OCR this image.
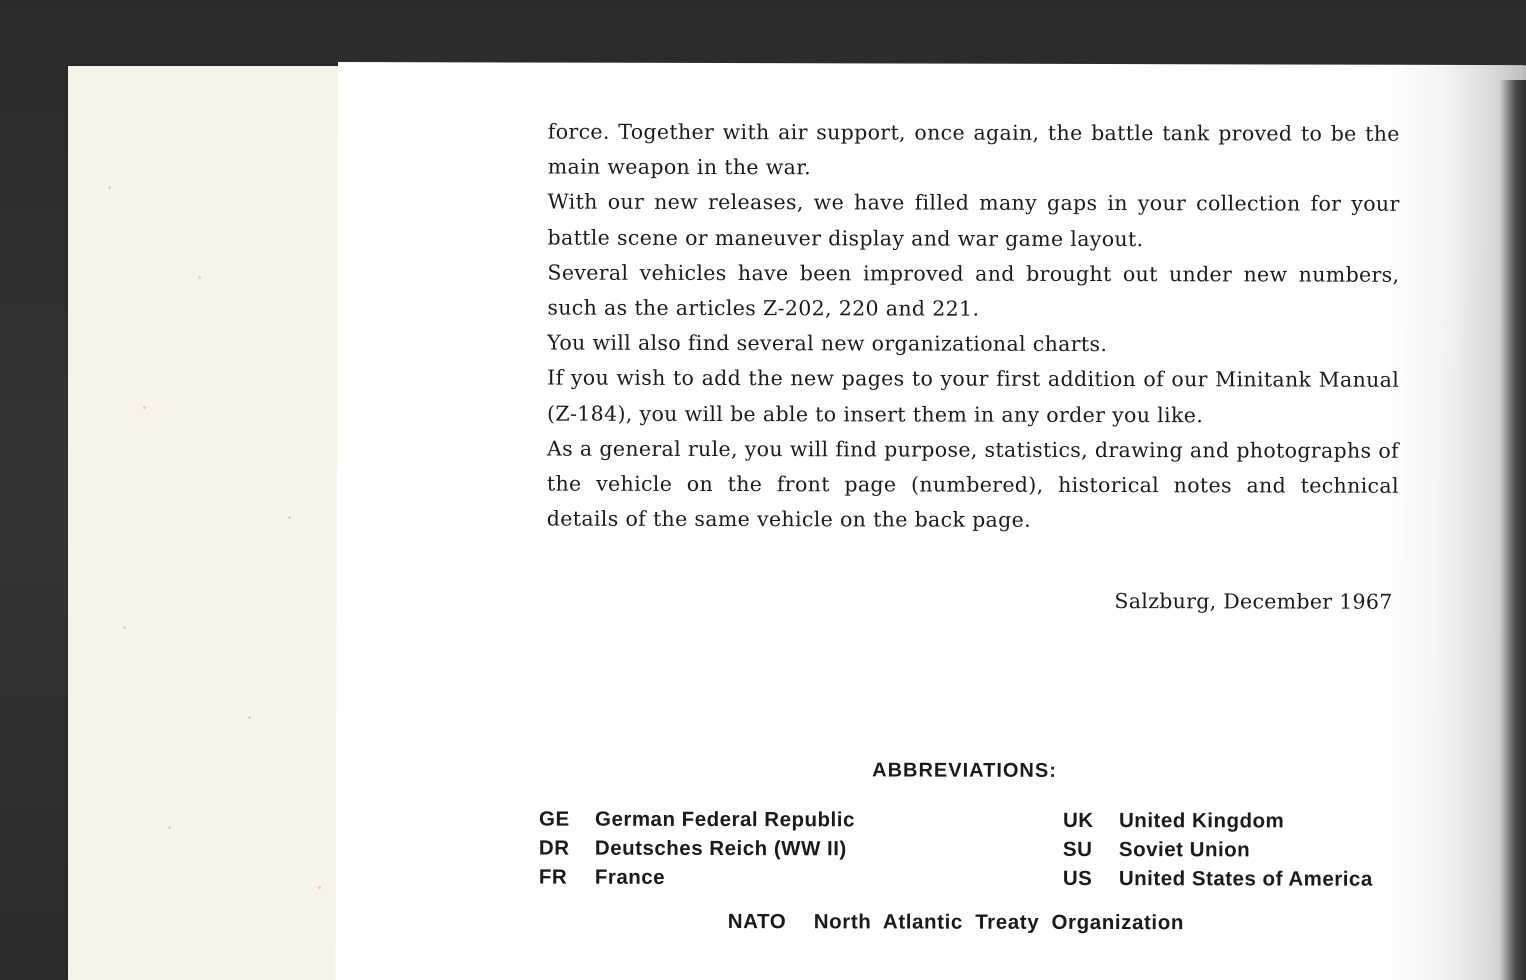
force. Together with air support, once again, the battle tank proved to be the main weapon in the war.

With our new releases, we have filled many gaps in your collection for your battle scene or maneuver display and war game layout.

Several vehicles have been improved and brought out under new numbers, such as the articles Z-202, 220 and 221.

You will also find several new organizational charts.

If you wish to add the new pages to your first addition of our Minitank Manual (Z-184), you will be able to insert them in any order you like.

As a general rule, you will find purpose, statistics, drawing and photographs of the vehicle on the front page (numbered), historical notes and technical details of the same vehicle on the back page.

Salzburg, December 1967
ABBREVIATIONS:
GE German Federal Republic
DR Deutsches Reich (WW II)
FR France
UK United Kingdom
SU Soviet Union
US United States of America
NATO North Atlantic Treaty Organization
